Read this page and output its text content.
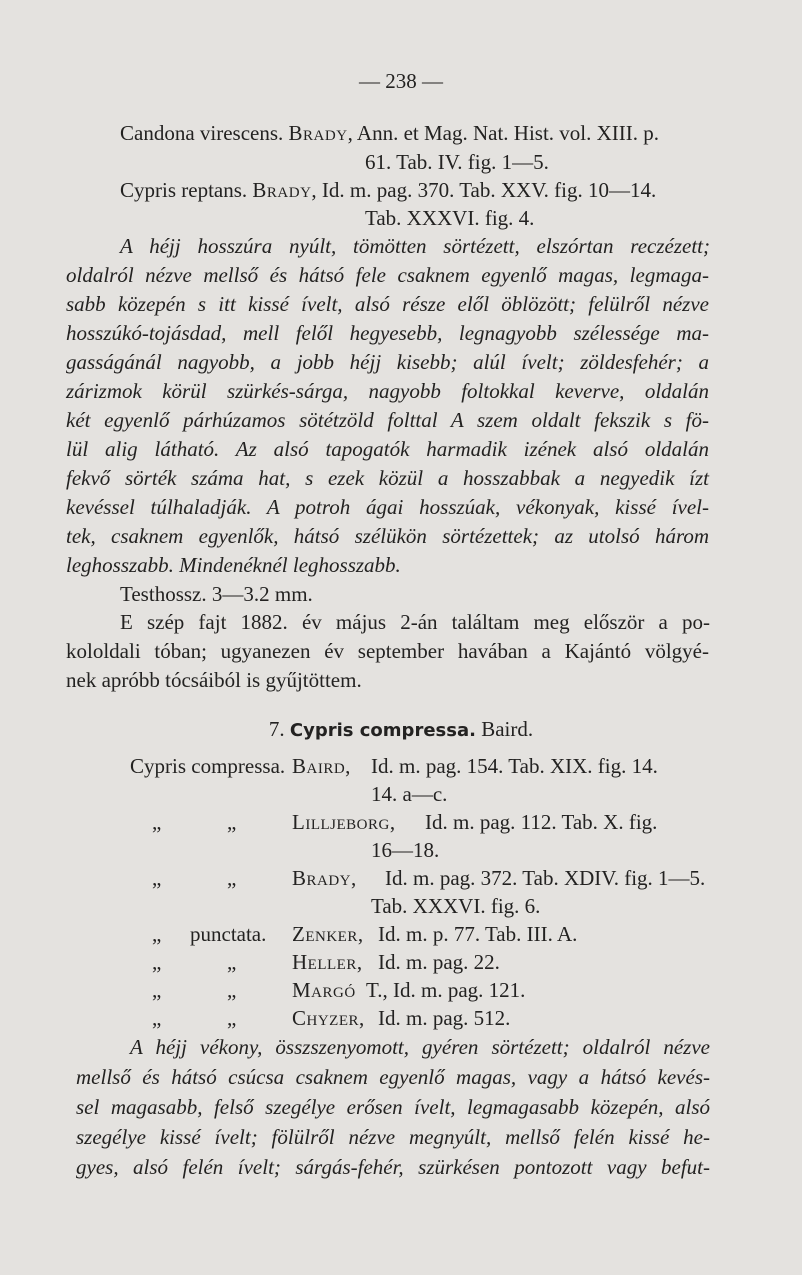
— 238 —
Candona virescens. Brady, Ann. et Mag. Nat. Hist. vol. XIII. p.
61. Tab. IV. fig. 1—5.
Cypris reptans. Brady, Id. m. pag. 370. Tab. XXV. fig. 10—14.
Tab. XXXVI. fig. 4.
A héjj hosszúra nyúlt, tömötten sörtézett, elszórtan reczézett;
oldalról nézve mellső és hátsó fele csaknem egyenlő magas, legmaga-
sabb közepén s itt kissé ívelt, alsó része elől öblözött; felülről nézve
hosszúkó-tojásdad, mell felől hegyesebb, legnagyobb szélessége ma-
gasságánál nagyobb, a jobb héjj kisebb; alúl ívelt; zöldesfehér; a
zárizmok körül szürkés-sárga, nagyobb foltokkal keverve, oldalán
két egyenlő párhúzamos sötétzöld folttal A szem oldalt fekszik s fö-
lül alig látható. Az alsó tapogatók harmadik izének alsó oldalán
fekvő sörték száma hat, s ezek közül a hosszabbak a negyedik ízt
kevéssel túlhaladják. A potroh ágai hosszúak, vékonyak, kissé ível-
tek, csaknem egyenlők, hátsó szélükön sörtézettek; az utolsó három
leghosszabb. Mindenéknél leghosszabb.
Testhossz. 3—3.2 mm.
E szép fajt 1882. év május 2-án találtam meg először a po-
kololdali tóban; ugyanezen év september havában a Kajántó völgyé-
nek apróbb tócsáiból is gyűjtöttem.
7. Cypris compressa. Baird.
Cypris compressa. Baird, Id. m. pag. 154. Tab. XIX. fig. 14.
14. a—c.
„	„	Lilljeborg, Id. m. pag. 112. Tab. X. fig.
16—18.
„	„	Brady, Id. m. pag. 372. Tab. XDIV. fig. 1—5.
Tab. XXXVI. fig. 6.
„ punctata. Zenker, Id. m. p. 77. Tab. III. A.
„	„	Heller, Id. m. pag. 22.
„	„	Margó T., Id. m. pag. 121.
„	„	Chyzer, Id. m. pag. 512.
A héjj vékony, összszenyomott, gyéren sörtézett; oldalról nézve
mellső és hátsó csúcsa csaknem egyenlő magas, vagy a hátsó kevés-
sel magasabb, felső szegélye erősen ívelt, legmagasabb közepén, alsó
szegélye kissé ívelt; fölülről nézve megnyúlt, mellső felén kissé he-
gyes, alsó felén ívelt; sárgás-fehér, szürkésen pontozott vagy befut-
